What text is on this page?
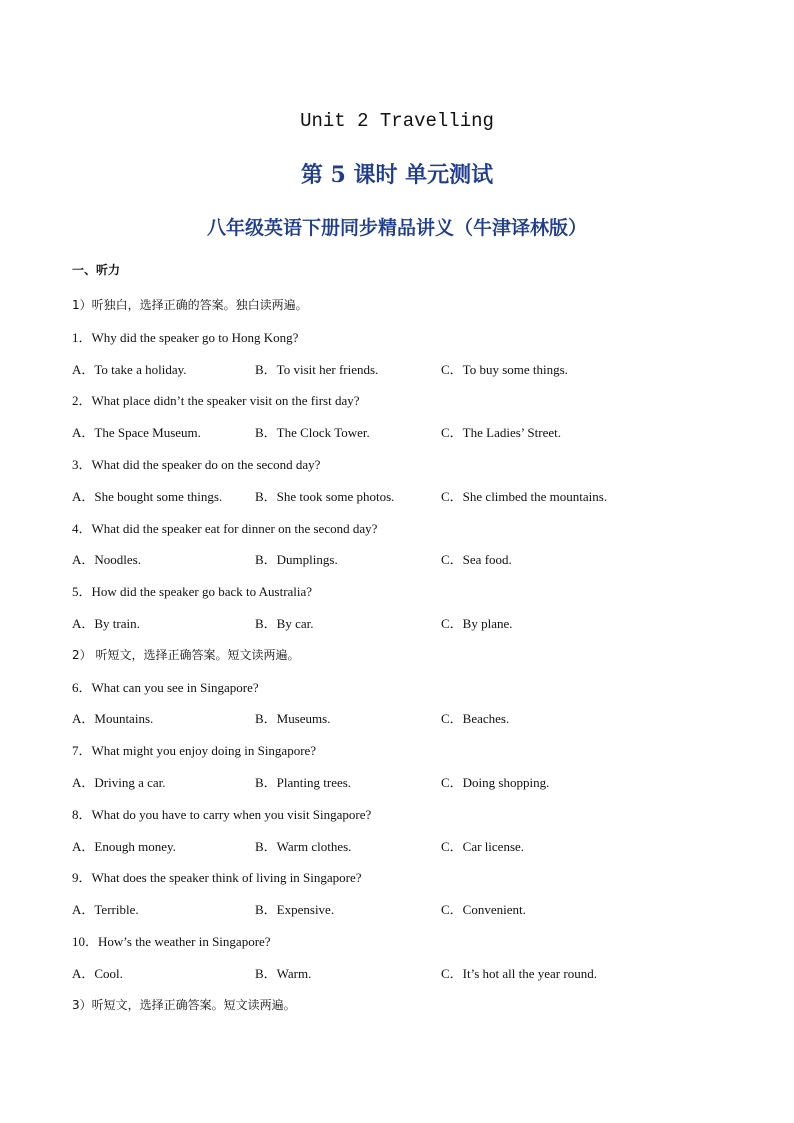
Unit 2 Travelling
第 5 课时 单元测试
八年级英语下册同步精品讲义（牛津译林版）
一、听力
1）听独白，选择正确的答案。独白读两遍。
1．Why did the speaker go to Hong Kong?
A．To take a holiday.	B．To visit her friends.	C．To buy some things.
2．What place didn’t the speaker visit on the first day?
A．The Space Museum.	B．The Clock Tower.	C．The Ladies’ Street.
3．What did the speaker do on the second day?
A．She bought some things.	B．She took some photos.	C．She climbed the mountains.
4．What did the speaker eat for dinner on the second day?
A．Noodles.	B．Dumplings.	C．Sea food.
5．How did the speaker go back to Australia?
A．By train.	B．By car.	C．By plane.
2） 听短文，选择正确答案。短文读两遍。
6．What can you see in Singapore?
A．Mountains.	B．Museums.	C．Beaches.
7．What might you enjoy doing in Singapore?
A．Driving a car.	B．Planting trees.	C．Doing shopping.
8．What do you have to carry when you visit Singapore?
A．Enough money.	B．Warm clothes.	C．Car license.
9．What does the speaker think of living in Singapore?
A．Terrible.	B．Expensive.	C．Convenient.
10．How’s the weather in Singapore?
A．Cool.	B．Warm.	C．It’s hot all the year round.
3）听短文，选择正确答案。短文读两遍。
